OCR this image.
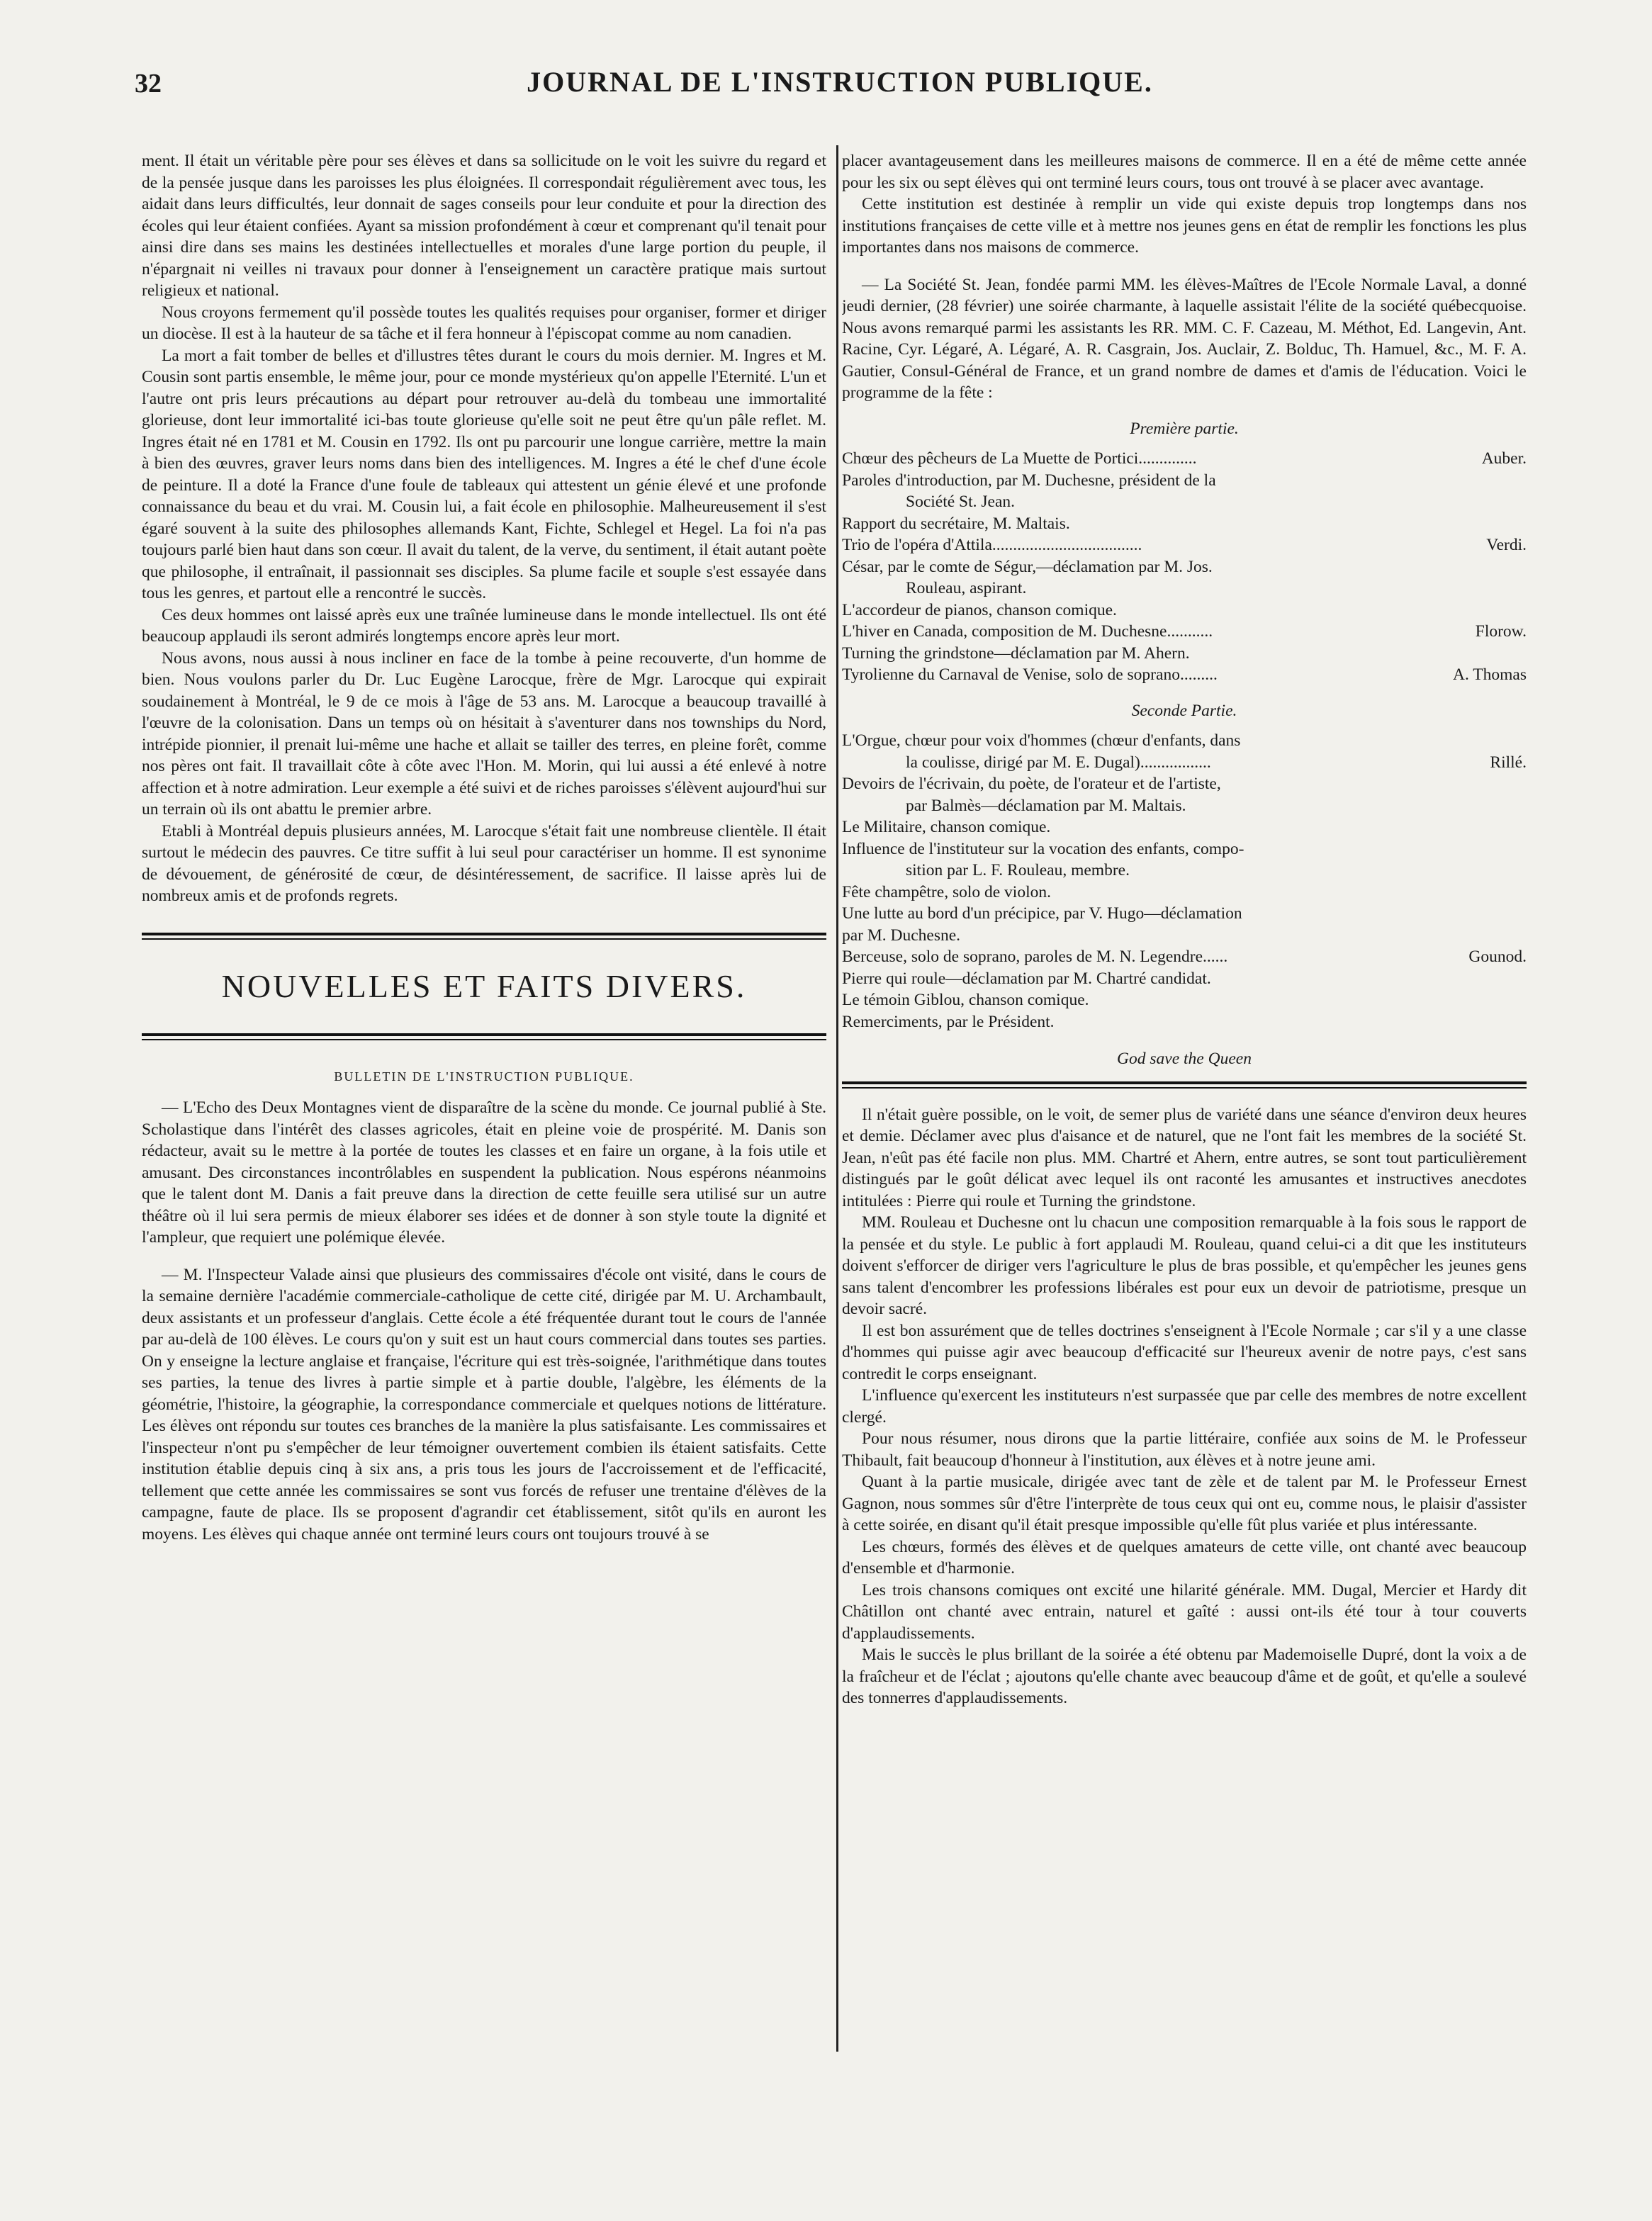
32	JOURNAL DE L'INSTRUCTION PUBLIQUE.

ment. Il était un véritable père pour ses élèves et dans sa sollicitude on le voit les suivre du regard et de la pensée jusque dans les paroisses les plus éloignées. Il correspondait régulièrement avec tous, les aidait dans leurs difficultés, leur donnait de sages conseils pour leur conduite et pour la direction des écoles qui leur étaient confiées. Ayant sa mission profondément à cœur et comprenant qu'il tenait pour ainsi dire dans ses mains les destinées intellectuelles et morales d'une large portion du peuple, il n'épargnait ni veilles ni travaux pour donner à l'enseignement un caractère pratique mais surtout religieux et national.

Nous croyons fermement qu'il possède toutes les qualités requises pour organiser, former et diriger un diocèse. Il est à la hauteur de sa tâche et il fera honneur à l'épiscopat comme au nom canadien.

La mort a fait tomber de belles et d'illustres têtes durant le cours du mois dernier. M. Ingres et M. Cousin sont partis ensemble, le même jour, pour ce monde mystérieux qu'on appelle l'Eternité. L'un et l'autre ont pris leurs précautions au départ pour retrouver au-delà du tombeau une immortalité glorieuse, dont leur immortalité ici-bas toute glorieuse qu'elle soit ne peut être qu'un pâle reflet. M. Ingres était né en 1781 et M. Cousin en 1792. Ils ont pu parcourir une longue carrière, mettre la main à bien des œuvres, graver leurs noms dans bien des intelligences. M. Ingres a été le chef d'une école de peinture. Il a doté la France d'une foule de tableaux qui attestent un génie élevé et une profonde connaissance du beau et du vrai. M. Cousin lui, a fait école en philosophie. Malheureusement il s'est égaré souvent à la suite des philosophes allemands Kant, Fichte, Schlegel et Hegel. La foi n'a pas toujours parlé bien haut dans son cœur. Il avait du talent, de la verve, du sentiment, il était autant poète que philosophe, il entraînait, il passionnait ses disciples. Sa plume facile et souple s'est essayée dans tous les genres, et partout elle a rencontré le succès.

Ces deux hommes ont laissé après eux une traînée lumineuse dans le monde intellectuel. Ils ont été beaucoup applaudi ils seront admirés longtemps encore après leur mort.

Nous avons, nous aussi à nous incliner en face de la tombe à peine recouverte, d'un homme de bien. Nous voulons parler du Dr. Luc Eugène Larocque, frère de Mgr. Larocque qui expirait soudainement à Montréal, le 9 de ce mois à l'âge de 53 ans. M. Larocque a beaucoup travaillé à l'œuvre de la colonisation. Dans un temps où on hésitait à s'aventurer dans nos townships du Nord, intrépide pionnier, il prenait lui-même une hache et allait se tailler des terres, en pleine forêt, comme nos pères ont fait. Il travaillait côte à côte avec l'Hon. M. Morin, qui lui aussi a été enlevé à notre affection et à notre admiration. Leur exemple a été suivi et de riches paroisses s'élèvent aujourd'hui sur un terrain où ils ont abattu le premier arbre.

Etabli à Montréal depuis plusieurs années, M. Larocque s'était fait une nombreuse clientèle. Il était surtout le médecin des pauvres. Ce titre suffit à lui seul pour caractériser un homme. Il est synonime de dévouement, de générosité de cœur, de désintéressement, de sacrifice. Il laisse après lui de nombreux amis et de profonds regrets.

NOUVELLES ET FAITS DIVERS.
BULLETIN DE L'INSTRUCTION PUBLIQUE.

— L'Echo des Deux Montagnes vient de disparaître de la scène du monde. Ce journal publié à Ste. Scholastique dans l'intérêt des classes agricoles, était en pleine voie de prospérité. M. Danis son rédacteur, avait su le mettre à la portée de toutes les classes et en faire un organe, à la fois utile et amusant. Des circonstances incontrôlables en suspendent la publication. Nous espérons néanmoins que le talent dont M. Danis a fait preuve dans la direction de cette feuille sera utilisé sur un autre théâtre où il lui sera permis de mieux élaborer ses idées et de donner à son style toute la dignité et l'ampleur, que requiert une polémique élevée.

— M. l'Inspecteur Valade ainsi que plusieurs des commissaires d'école ont visité, dans le cours de la semaine dernière l'académie commerciale-catholique de cette cité, dirigée par M. U. Archambault, deux assistants et un professeur d'anglais. Cette école a été fréquentée durant tout le cours de l'année par au-delà de 100 élèves. Le cours qu'on y suit est un haut cours commercial dans toutes ses parties. On y enseigne la lecture anglaise et française, l'écriture qui est très-soignée, l'arithmétique dans toutes ses parties, la tenue des livres à partie simple et à partie double, l'algèbre, les éléments de la géométrie, l'histoire, la géographie, la correspondance commerciale et quelques notions de littérature. Les élèves ont répondu sur toutes ces branches de la manière la plus satisfaisante. Les commissaires et l'inspecteur n'ont pu s'empêcher de leur témoigner ouvertement combien ils étaient satisfaits. Cette institution établie depuis cinq à six ans, a pris tous les jours de l'accroissement et de l'efficacité, tellement que cette année les commissaires se sont vus forcés de refuser une trentaine d'élèves de la campagne, faute de place. Ils se proposent d'agrandir cet établissement, sitôt qu'ils en auront les moyens. Les élèves qui chaque année ont terminé leurs cours ont toujours trouvé à se

placer avantageusement dans les meilleures maisons de commerce. Il en a été de même cette année pour les six ou sept élèves qui ont terminé leurs cours, tous ont trouvé à se placer avec avantage.

Cette institution est destinée à remplir un vide qui existe depuis trop longtemps dans nos institutions françaises de cette ville et à mettre nos jeunes gens en état de remplir les fonctions les plus importantes dans nos maisons de commerce.

— La Société St. Jean, fondée parmi MM. les élèves-Maîtres de l'Ecole Normale Laval, a donné jeudi dernier, (28 février) une soirée charmante, à laquelle assistait l'élite de la société québecquoise. Nous avons remarqué parmi les assistants les RR. MM. C. F. Cazeau, M. Méthot, Ed. Langevin, Ant. Racine, Cyr. Légaré, A. Légaré, A. R. Casgrain, Jos. Auclair, Z. Bolduc, Th. Hamuel, &c., M. F. A. Gautier, Consul-Général de France, et un grand nombre de dames et d'amis de l'éducation. Voici le programme de la fête :

Première partie.
Chœur des pêcheurs de La Muette de Portici..............	Auber.
Paroles d'introduction, par M. Duchesne, président de la
Société St. Jean.
Rapport du secrétaire, M. Maltais.
Trio de l'opéra d'Attila....................................	Verdi.
César, par le comte de Ségur,—déclamation par M. Jos.
Rouleau, aspirant.
L'accordeur de pianos, chanson comique.
L'hiver en Canada, composition de M. Duchesne...........	Florow.
Turning the grindstone—déclamation par M. Ahern.
Tyrolienne du Carnaval de Venise, solo de soprano.........	A. Thomas
Seconde Partie.
L'Orgue, chœur pour voix d'hommes (chœur d'enfants, dans
la coulisse, dirigé par M. E. Dugal).................	Rillé.
Devoirs de l'écrivain, du poète, de l'orateur et de l'artiste,
par Balmès—déclamation par M. Maltais.
Le Militaire, chanson comique.
Influence de l'instituteur sur la vocation des enfants, compo-
sition par L. F. Rouleau, membre.
Fête champêtre, solo de violon.
Une lutte au bord d'un précipice, par V. Hugo—déclamation
par M. Duchesne.
Berceuse, solo de soprano, paroles de M. N. Legendre......	Gounod.
Pierre qui roule—déclamation par M. Chartré candidat.
Le témoin Giblou, chanson comique.
Remerciments, par le Président.
God save the Queen

Il n'était guère possible, on le voit, de semer plus de variété dans une séance d'environ deux heures et demie. Déclamer avec plus d'aisance et de naturel, que ne l'ont fait les membres de la société St. Jean, n'eût pas été facile non plus. MM. Chartré et Ahern, entre autres, se sont tout particulièrement distingués par le goût délicat avec lequel ils ont raconté les amusantes et instructives anecdotes intitulées : Pierre qui roule et Turning the grindstone.

MM. Rouleau et Duchesne ont lu chacun une composition remarquable à la fois sous le rapport de la pensée et du style. Le public à fort applaudi M. Rouleau, quand celui-ci a dit que les instituteurs doivent s'efforcer de diriger vers l'agriculture le plus de bras possible, et qu'empêcher les jeunes gens sans talent d'encombrer les professions libérales est pour eux un devoir de patriotisme, presque un devoir sacré.

Il est bon assurément que de telles doctrines s'enseignent à l'Ecole Normale ; car s'il y a une classe d'hommes qui puisse agir avec beaucoup d'efficacité sur l'heureux avenir de notre pays, c'est sans contredit le corps enseignant.

L'influence qu'exercent les instituteurs n'est surpassée que par celle des membres de notre excellent clergé.

Pour nous résumer, nous dirons que la partie littéraire, confiée aux soins de M. le Professeur Thibault, fait beaucoup d'honneur à l'institution, aux élèves et à notre jeune ami.

Quant à la partie musicale, dirigée avec tant de zèle et de talent par M. le Professeur Ernest Gagnon, nous sommes sûr d'être l'interprète de tous ceux qui ont eu, comme nous, le plaisir d'assister à cette soirée, en disant qu'il était presque impossible qu'elle fût plus variée et plus intéressante.

Les chœurs, formés des élèves et de quelques amateurs de cette ville, ont chanté avec beaucoup d'ensemble et d'harmonie.

Les trois chansons comiques ont excité une hilarité générale. MM. Dugal, Mercier et Hardy dit Châtillon ont chanté avec entrain, naturel et gaîté : aussi ont-ils été tour à tour couverts d'applaudissements.

Mais le succès le plus brillant de la soirée a été obtenu par Mademoiselle Dupré, dont la voix a de la fraîcheur et de l'éclat ; ajoutons qu'elle chante avec beaucoup d'âme et de goût, et qu'elle a soulevé des tonnerres d'applaudissements.
